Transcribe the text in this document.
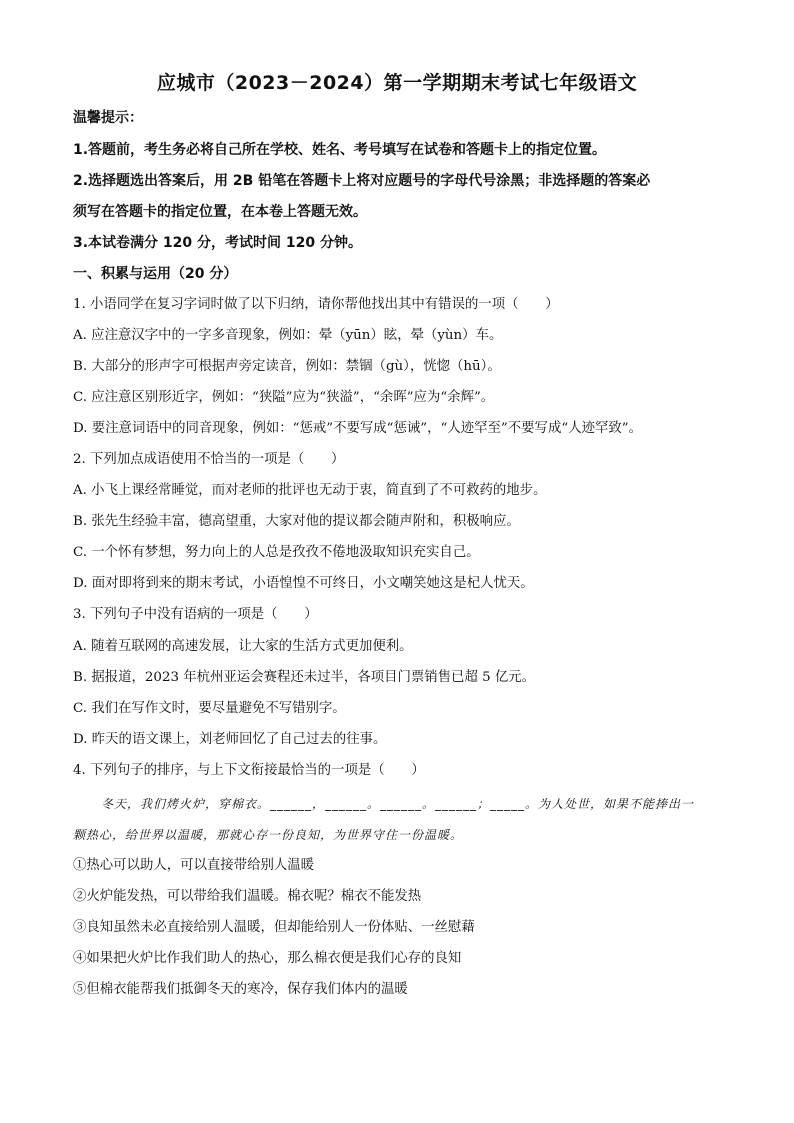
应城市（2023－2024）第一学期期末考试七年级语文
温馨提示：
1.答题前，考生务必将自己所在学校、姓名、考号填写在试卷和答题卡上的指定位置。
2.选择题选出答案后，用 2B 铅笔在答题卡上将对应题号的字母代号涂黑；非选择题的答案必
须写在答题卡的指定位置，在本卷上答题无效。
3.本试卷满分 120 分，考试时间 120 分钟。
一、积累与运用（20 分）
1. 小语同学在复习字词时做了以下归纳，请你帮他找出其中有错误的一项（　　）
A. 应注意汉字中的一字多音现象，例如：晕（yūn）眩，晕（yùn）车。
B. 大部分的形声字可根据声旁定读音，例如：禁锢（gù），恍惚（hū）。
C. 应注意区别形近字，例如：“狭隘”应为“狭溢”，“余晖”应为“余辉”。
D. 要注意词语中的同音现象，例如：“惩戒”不要写成“惩诫”，“人迹罕至”不要写成“人迹罕致”。
2. 下列加点成语使用不恰当的一项是（　　）
A. 小飞上课经常睡觉，而对老师的批评也无动于衷，简直到了不可救药的地步。
B. 张先生经验丰富，德高望重，大家对他的提议都会随声附和，积极响应。
C. 一个怀有梦想，努力向上的人总是孜孜不倦地汲取知识充实自己。
D. 面对即将到来的期末考试，小语惶惶不可终日，小文嘲笑她这是杞人忧天。
3. 下列句子中没有语病的一项是（　　）
A. 随着互联网的高速发展，让大家的生活方式更加便利。
B. 据报道，2023 年杭州亚运会赛程还未过半，各项目门票销售已超 5 亿元。
C. 我们在写作文时，要尽量避免不写错别字。
D. 昨天的语文课上，刘老师回忆了自己过去的往事。
4. 下列句子的排序，与上下文衔接最恰当的一项是（　　）
冬天，我们烤火炉，穿棉衣。______，______。______。______；_____。为人处世，如果不能捧出一
颗热心，给世界以温暖，那就心存一份良知，为世界守住一份温暖。
①热心可以助人，可以直接带给别人温暖
②火炉能发热，可以带给我们温暖。棉衣呢？棉衣不能发热
③良知虽然未必直接给别人温暖，但却能给别人一份体贴、一丝慰藉
④如果把火炉比作我们助人的热心，那么棉衣便是我们心存的良知
⑤但棉衣能帮我们抵御冬天的寒冷，保存我们体内的温暖
